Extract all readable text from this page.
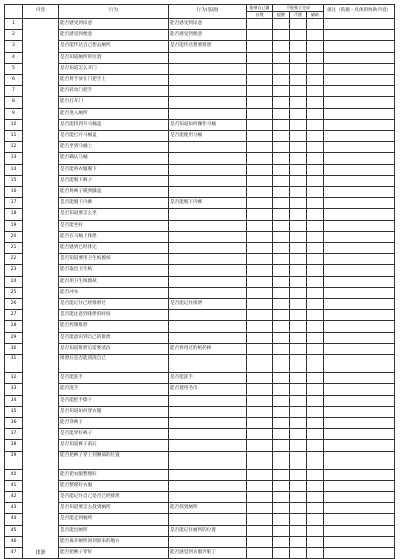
	内容	行为	行为(基础)	能够自己做	不能独立完成			备注（依据・具体的协助内容）
				自理	提醒	代理	辅助	
1	排泄	能否感受到尿意	能否感受到尿意					
2		能否感受到便意	能否感受到便意					
3		是否能传达自己想去厕所	是否能传达想要排泄					
4		是否知道厕所的位置						
5		是否知道怎么开门						
6		能否将手放在门把手上						
7		能否转动门把手						
8		能否打开门						
9		能否进入厕所						
10		是否能找到开马桶盖	是否知道如何操作马桶					
11		是否能打开马桶盖	是否能使用马桶					
12		能否坐到马桶上						
13		能否确认马桶						
14		是否能将衣服脱下						
15		是否能脱下裤子						
16		能否将裤子脱到膝盖						
17		是否能脱下内裤	是否能脱下内裤					
18		是否知道要怎么坐						
19		是否能坐好						
20		能否在马桶上排泄						
21		能否感到已经排完						
22		是否知道要用卫生纸擦拭						
23		能否取出卫生纸						
24		能否用卫生纸擦拭						
25		能否冲水						
26		是否能记住已经排泄过	是否能记住排泄					
27		是否能注意到排泄的时间						
28		能否控制排泄						
29		是否能意识到自己的排泄						
30		是否知道排泄后需要清洁	能否将用过的纸扔掉					
31		排泄后是否能清洗自己						
32		是否能洗手	是否能洗手					
33		能否洗手	能否使用毛巾					
34		是否能把手擦干						
35		是否知道如何穿衣服						
36		能否穿裤子						
37		是否能穿好裤子						
38		是否知道裤子前后						
39		能否把裤子穿上到腰部的位置						
40		能否把衣服整理好						
41		能否整理好衣服						
42		是否能记住自己是否已经排泄						
43		是否知道要怎么找到厕所	能否找到厕所					
44		是否能走到厕所						
45		是否能出厕所	是否能记住厕所的位置					
46		能否离开厕所回到原来的地方						
47		能否把裤子穿好	能否感觉到衣服弄脏了					
